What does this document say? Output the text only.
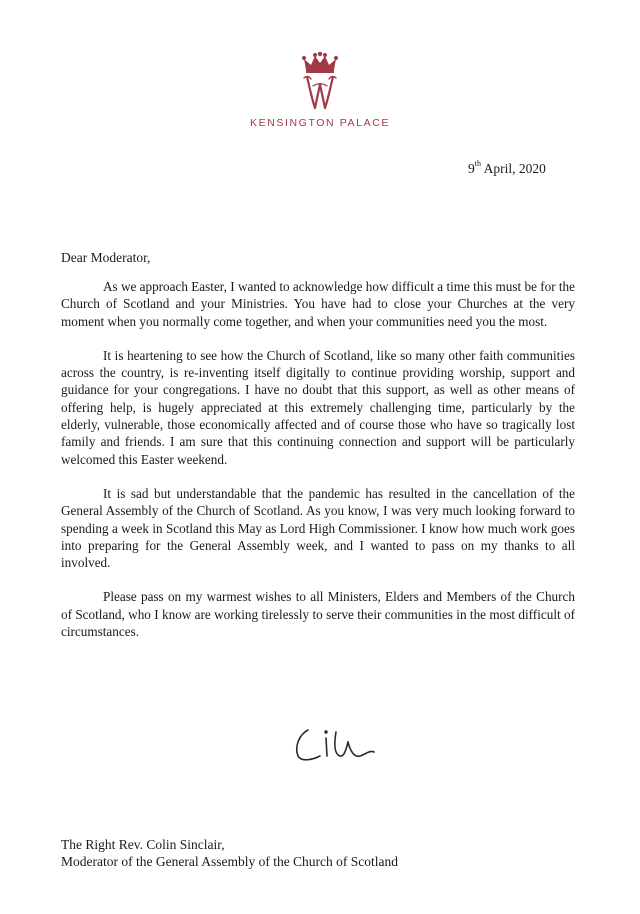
KENSINGTON PALACE
9th April, 2020
Dear Moderator,

As we approach Easter, I wanted to acknowledge how difficult a time this must be for the Church of Scotland and your Ministries. You have had to close your Churches at the very moment when you normally come together, and when your communities need you the most.

It is heartening to see how the Church of Scotland, like so many other faith communities across the country, is re-inventing itself digitally to continue providing worship, support and guidance for your congregations. I have no doubt that this support, as well as other means of offering help, is hugely appreciated at this extremely challenging time, particularly by the elderly, vulnerable, those economically affected and of course those who have so tragically lost family and friends. I am sure that this continuing connection and support will be particularly welcomed this Easter weekend.

It is sad but understandable that the pandemic has resulted in the cancellation of the General Assembly of the Church of Scotland. As you know, I was very much looking forward to spending a week in Scotland this May as Lord High Commissioner. I know how much work goes into preparing for the General Assembly week, and I wanted to pass on my thanks to all involved.

Please pass on my warmest wishes to all Ministers, Elders and Members of the Church of Scotland, who I know are working tirelessly to serve their communities in the most difficult of circumstances.

The Right Rev. Colin Sinclair,
Moderator of the General Assembly of the Church of Scotland
